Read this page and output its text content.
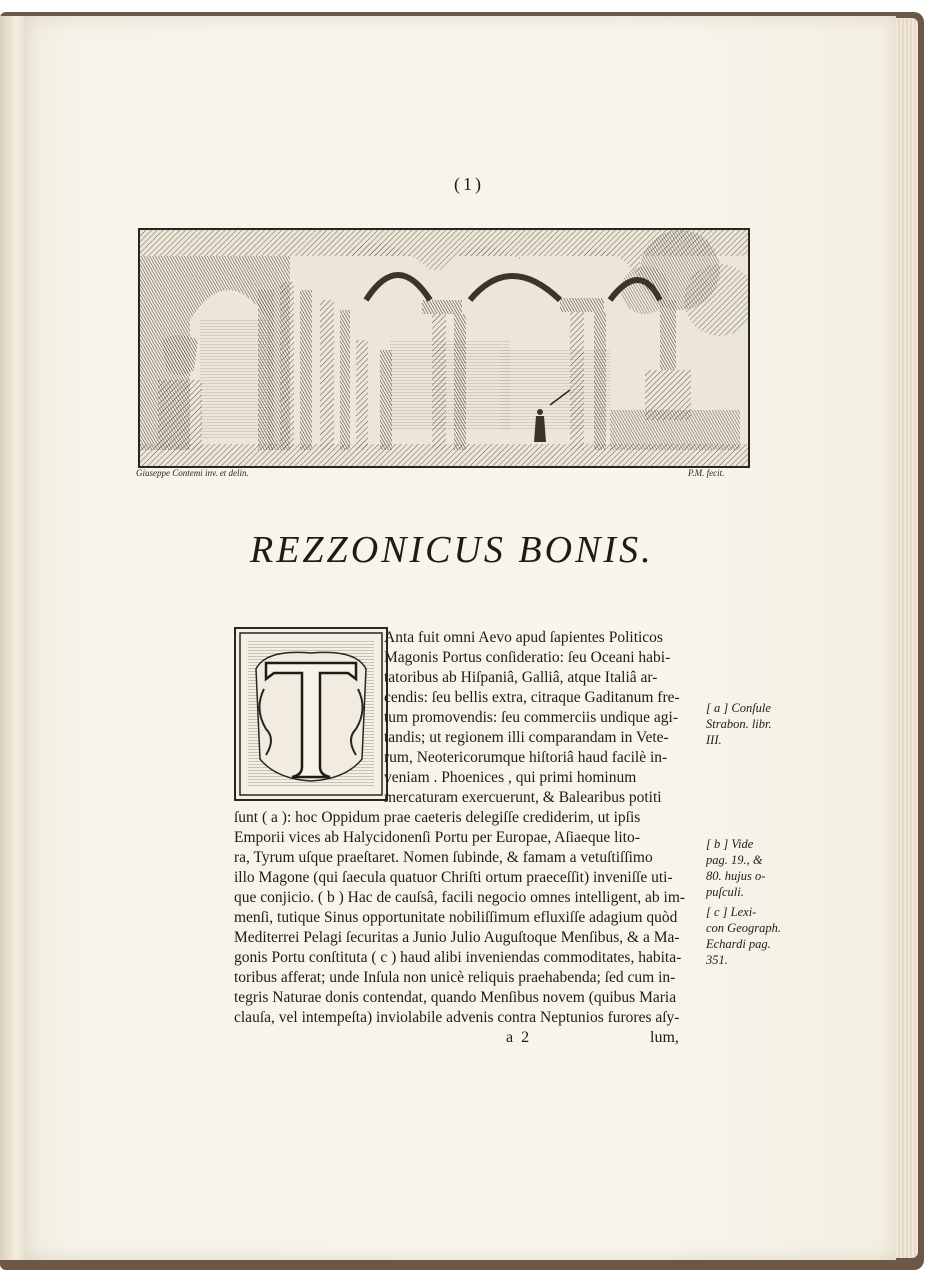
(1)
Giuseppe Contemi inv. et delin.	P.M. fecit.
REZZONICUS BONIS.
Anta fuit omni Aevo apud ſapientes Politicos
Magonis Portus conſideratio: ſeu Oceani habi-
tatoribus ab Hiſpaniâ, Galliâ, atque Italiâ ar-
cendis: ſeu bellis extra, citraque Gaditanum fre-
tum promovendis: ſeu commerciis undique agi-
tandis; ut regionem illi comparandam in Vete-
rum, Neotericorumque hiſtoriâ haud facilè in-
veniam . Phoenices , qui primi hominum
mercaturam exercuerunt, & Balearibus potiti
ſunt ( a ): hoc Oppidum prae caeteris delegiſſe crediderim, ut ipſis
Emporii vices ab Halycidonenſi Portu per Europae, Aſiaeque lito-
ra, Tyrum uſque praeſtaret. Nomen ſubinde, & famam a vetuſtiſſimo
illo Magone (qui ſaecula quatuor Chriſti ortum praeceſſit) inveniſſe uti-
que conjicio. ( b ) Hac de cauſsâ, facili negocio omnes intelligent, ab im-
menſi, tutique Sinus opportunitate nobiliſſimum efluxiſſe adagium quòd
Mediterrei Pelagi ſecuritas a Junio Julio Auguſtoque Menſibus, & a Ma-
gonis Portu conſtituta ( c ) haud alibi inveniendas commoditates, habita-
toribus afferat; unde Inſula non unicè reliquis praehabenda; ſed cum in-
tegris Naturae donis contendat, quando Menſibus novem (quibus Maria
clauſa, vel intempeſta) inviolabile advenis contra Neptunios furores aſy-
[ a ] Conſule
Strabon. libr.
III.
[ b ] Vide
pag. 19., &
80. hujus o-
puſculi.
[ c ] Lexi-
con Geograph.
Echardi pag.
351.
a 2	lum,
